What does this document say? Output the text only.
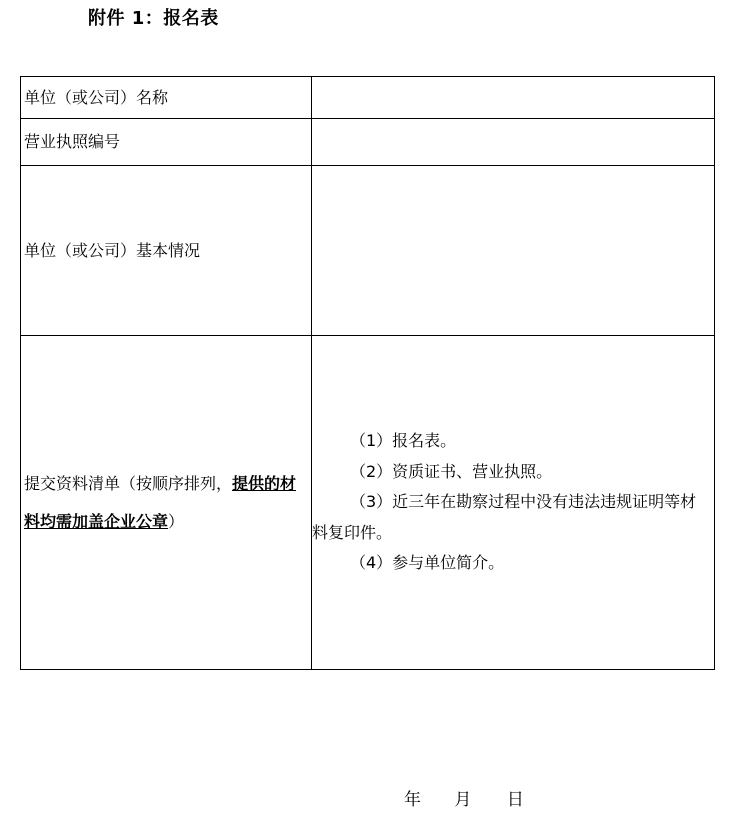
附件 1：报名表
单位（或公司）名称	
营业执照编号	
单位（或公司）基本情况	
提交资料清单（按顺序排列，提供的材料均需加盖企业公章）	（1）报名表。
（2）资质证书、营业执照。
（3）近三年在勘察过程中没有违法违规证明等材料复印件。
（4）参与单位简介。
年 月 日
